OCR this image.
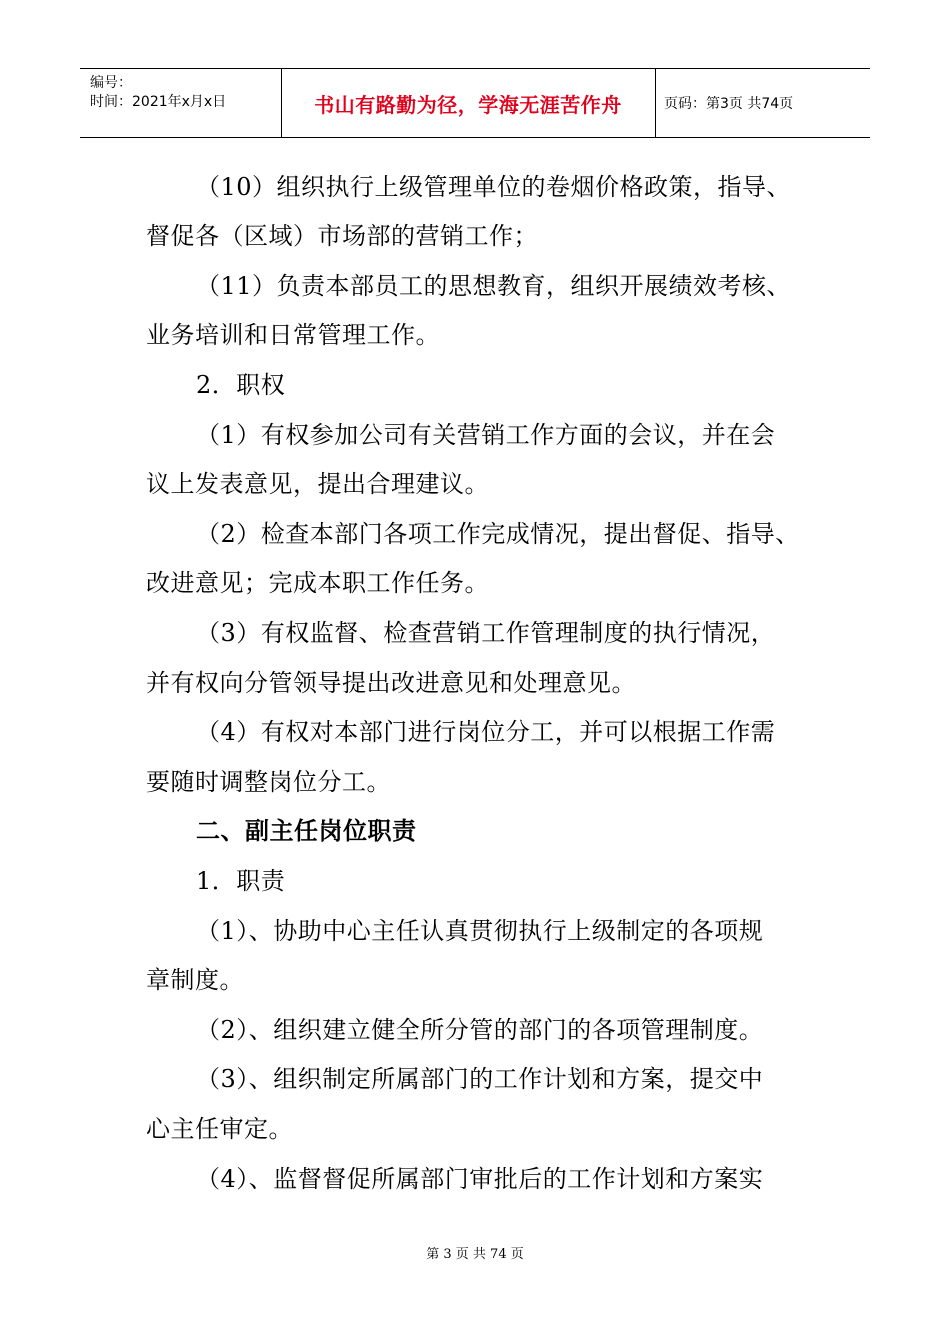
编号：
时间：2021年x月x日	书山有路勤为径，学海无涯苦作舟	页码：第3页 共74页
（10）组织执行上级管理单位的卷烟价格政策，指导、
督促各（区域）市场部的营销工作；
（11）负责本部员工的思想教育，组织开展绩效考核、
业务培训和日常管理工作。
2．职权
（1）有权参加公司有关营销工作方面的会议，并在会
议上发表意见，提出合理建议。
（2）检查本部门各项工作完成情况，提出督促、指导、
改进意见；完成本职工作任务。
（3）有权监督、检查营销工作管理制度的执行情况，
并有权向分管领导提出改进意见和处理意见。
（4）有权对本部门进行岗位分工，并可以根据工作需
要随时调整岗位分工。
二、副主任岗位职责
1．职责
（1）、协助中心主任认真贯彻执行上级制定的各项规
章制度。
（2）、组织建立健全所分管的部门的各项管理制度。
（3）、组织制定所属部门的工作计划和方案，提交中
心主任审定。
（4）、监督督促所属部门审批后的工作计划和方案实
第 3 页 共 74 页
